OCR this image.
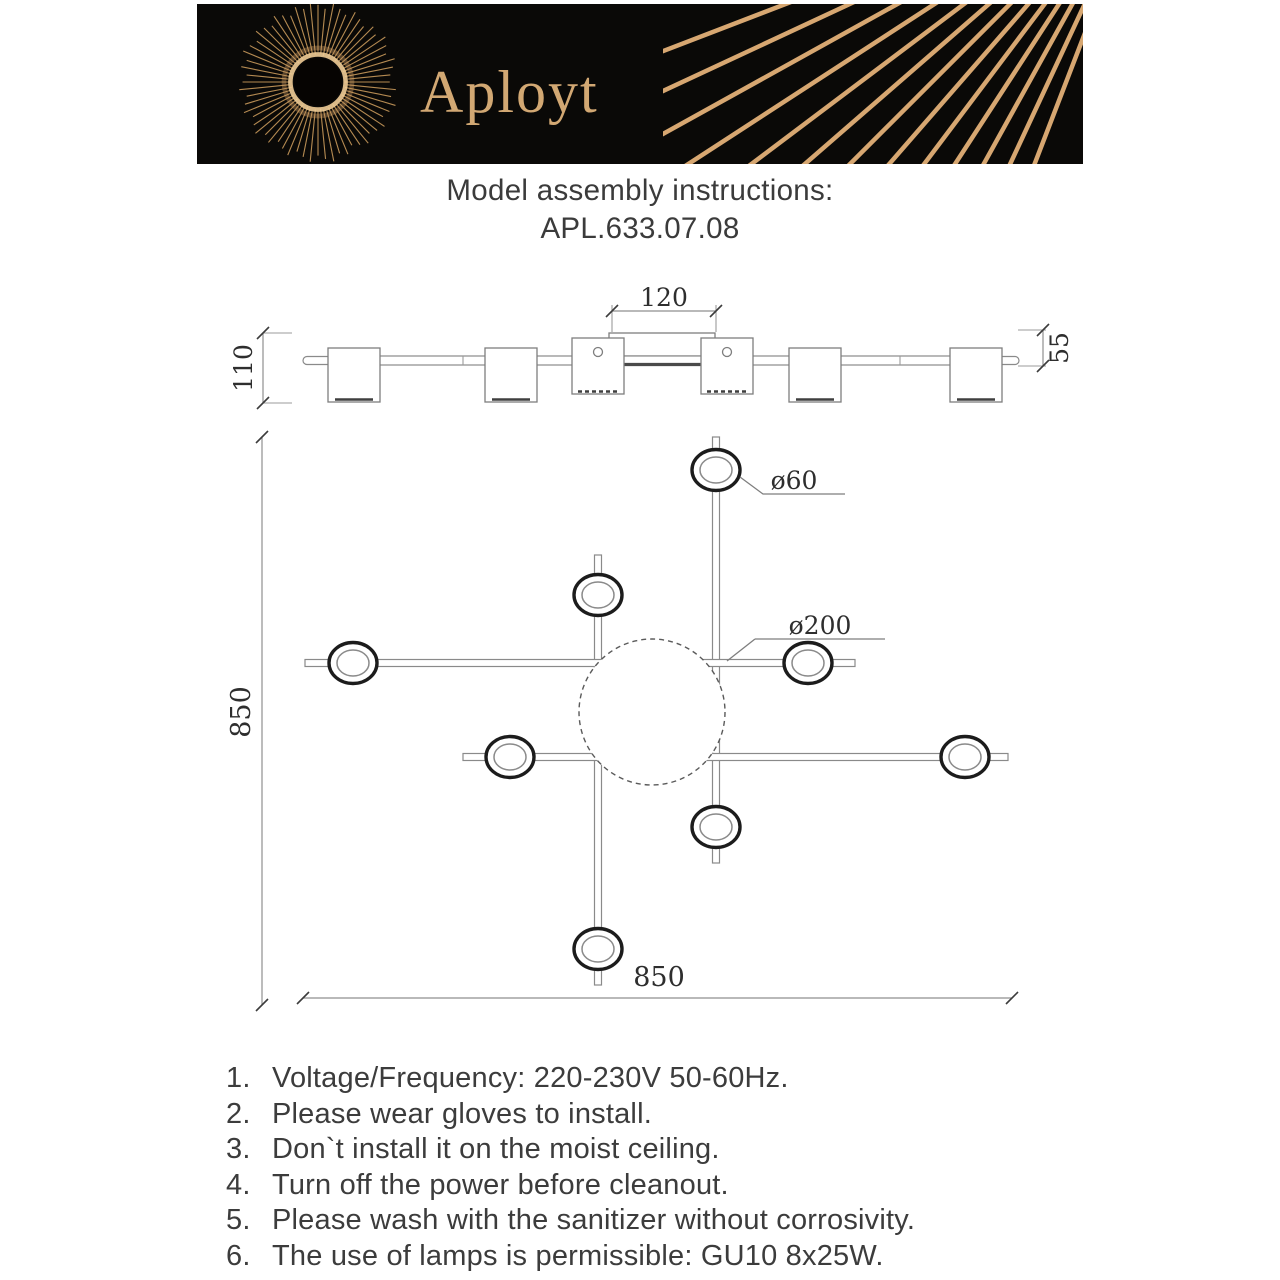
Aployt
Model assembly instructions:
APL.633.07.08
120
110	55
ø60
ø200
850
850
1. Voltage/Frequency: 220-230V 50-60Hz.
2. Please wear gloves to install.
3. Don`t install it on the moist ceiling.
4. Turn off the power before cleanout.
5. Please wash with the sanitizer without corrosivity.
6. The use of lamps is permissible: GU10 8x25W.
